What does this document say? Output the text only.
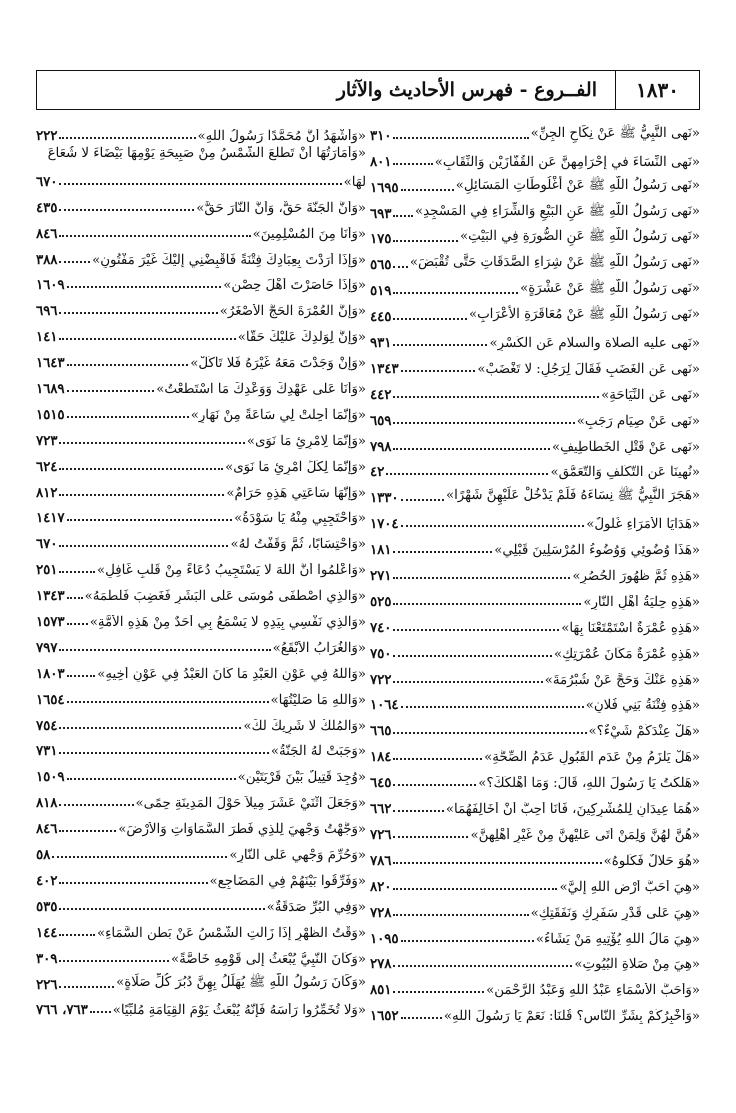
١٨٣٠
الفــروع - فهرس الأحاديث والآثار
«نَهى النَّبِيُّ ﷺ عَنْ نِكَاحِ الجِنِّ»
٣١٠
«نَهى النِّسَاءَ في إِحْرَامِهِنَّ عَنِ القُفَّازَيْنِ وَالنِّقَابِ»
٨٠١
«نَهى رَسُولُ اللَّهِ ﷺ عَنْ أُغْلُوطَاتِ المَسَائِلِ»
١٦٩٥
«نَهى رَسُولُ اللَّهِ ﷺ عَنِ البَيْعِ وَالشِّرَاءِ فِي المَسْجِدِ»
٦٩٣
«نَهى رَسُولُ اللَّهِ ﷺ عَنِ الصُّورَةِ فِي البَيْتِ»
١٧٥
«نَهى رَسُولُ اللَّهِ ﷺ عَنْ شِرَاءِ الصَّدَقَاتِ حَتَّى تُقْبَضَ»
٥٦٥
«نَهى رَسُولُ اللَّهِ ﷺ عَنْ عَشْرَةٍ»
٥١٩
«نَهى رَسُولُ اللَّهِ ﷺ عَنْ مُعَاقَرَةِ الأَعْرَابِ»
٤٤٥
«نَهى عليه الصلاة والسلام عَنِ الكَسْرِ»
٩٣١
«نَهى عَنِ الغَضَبِ فَقَالَ لِرَجُلٍ: لا تَغْضَبْ»
١٣٤٣
«نَهى عَنِ النِّيَاحَةِ»
٤٤٢
«نَهى عَنْ صِيَامِ رَجَبٍ»
٦٥٩
«نَهى عَنْ قَتْلِ الخَطَاطِيفِ»
٧٩٨
«نُهِينَا عَنِ التَّكَلُّفِ وَالتَّعَمُّقِ»
٤٢
«هَجَرَ النَّبِيُّ ﷺ نِسَاءَهُ فَلَمْ يَدْخُلْ عَلَيْهِنَّ شَهْرًا»
١٣٣٠
«هَدَايَا الأُمَرَاءِ غُلُولٌ»
١٧٠٤
«هَذَا وُضُوئِي وَوُضُوءُ المُرْسَلِينَ قَبْلِي»
١٨١
«هَذِهِ ثُمَّ ظُهُورَ الحُصُرِ»
٢٧١
«هَذِهِ حِلْيَةُ أَهْلِ النَّارِ»
٥٢٥
«هَذِهِ عُمْرَةٌ اسْتَمْتَعْنَا بِهَا»
٧٤٠
«هَذِهِ عُمْرَةٌ مَكَانَ عُمْرَتِكِ»
٧٥٠
«هَذِهِ عَنْكَ وَحَجٍّ عَنْ شُبْرُمَةَ»
٧٢٢
«هَذِهِ فِتْنَةُ بَنِي فُلَانٍ»
١٠٦٤
«هَلْ عِنْدَكُمْ شَيْءٌ؟»
٦٦٥
«هَلْ يَلْزَمُ مِنْ عَدَمِ القَبُولِ عَدَمُ الصِّحَّةِ»
١٨٤
«هَلَكْتُ يَا رَسُولَ اللَّهِ، قَالَ: وَمَا أَهْلَكَكَ؟»
٦٤٥
«هُمَا عِيدَانِ لِلْمُشْرِكِينَ، فَأَنَا أُحِبُّ أَنْ أُخَالِفَهُمَا»
٦٦٢
«هُنَّ لَهُنَّ وَلِمَنْ أَتَى عَلَيْهِنَّ مِنْ غَيْرِ أَهْلِهِنَّ»
٧٢٦
«هُوَ حَلَالٌ فَكُلُوهُ»
٧٨٦
«هِيَ أَحَبُّ أَرْضِ اللَّهِ إِلَيَّ»
٨٢٠
«هِيَ عَلَى قَدْرِ سَفَرِكِ وَنَفَقَتِكِ»
٧٢٨
«هِيَ مَالُ اللَّهِ يُؤْتِيهِ مَنْ يَشَاءُ»
١٠٩٥
«هِيَ مِنْ صَلَاةِ البُيُوتِ»
٢٧٨
«وَأَحَبُّ الأَسْمَاءِ عَبْدُ اللَّهِ وَعَبْدُ الرَّحْمَنِ»
٨٥١
«وَأُخْبِرُكُمْ بِشَرِّ النَّاسِ؟ قُلْنَا: نَعَمْ يَا رَسُولَ اللَّهِ»
١٦٥٢
«وَأَشْهَدُ أَنَّ مُحَمَّدًا رَسُولُ اللَّهِ»
٢٢٢
«وَأَمَارَتُهَا أَنْ تَطْلُعَ الشَّمْسُ مِنْ صَبِيحَةِ يَوْمِهَا بَيْضَاءَ لا شُعَاعَ
لَهَا»
٦٧٠
«وَأَنَّ الجَنَّةَ حَقٌّ، وَأَنَّ النَّارَ حَقٌّ»
٤٣٥
«وَأَنَا مِنَ المُسْلِمِينَ»
٨٤٦
«وَإِذَا أَرَدْتَ بِعِبَادِكَ فِتْنَةً فَاقْبِضْنِي إِلَيْكَ غَيْرَ مَفْتُونٍ»
٣٨٨
«وَإِذَا حَاصَرْتَ أَهْلَ حِصْنٍ»
١٦٠٩
«وَإِنَّ العُمْرَةَ الحَجُّ الأَصْغَرُ»
٦٩٦
«وَإِنَّ لِوَلَدِكَ عَلَيْكَ حَقًّا»
١٤١
«وَإِنْ وَجَدْتَ مَعَهُ غَيْرَهُ فَلَا تَأْكُلْ»
١٦٤٣
«وَأَنَا عَلَى عَهْدِكَ وَوَعْدِكَ مَا اسْتَطَعْتُ»
١٦٨٩
«وَإِنَّمَا أُحِلَّتْ لِي سَاعَةً مِنْ نَهَارٍ»
١٥١٥
«وَإِنَّمَا لِامْرِئٍ مَا نَوَى»
٧٢٣
«وَإِنَّمَا لِكُلِّ امْرِئٍ مَا نَوَى»
٦٢٤
«وَإِنَّهَا سَاعَتِي هَذِهِ حَرَامٌ»
٨١٢
«وَاحْتَجِبِي مِنْهُ يَا سَوْدَةُ»
١٤١٧
«وَاحْتِسَابًا، ثُمَّ وَقَفْتُ لَهُ»
٦٧٠
«وَاعْلَمُوا أَنَّ اللَّهَ لا يَسْتَجِيبُ دُعَاءً مِنْ قَلْبٍ غَافِلٍ»
٢٥١
«وَالَّذِي اصْطَفَى مُوسَى عَلَى البَشَرِ فَغَضِبَ فَلَطَمَهُ»
١٣٤٣
«وَالَّذِي نَفْسِي بِيَدِهِ لا يَسْمَعُ بِي أَحَدٌ مِنْ هَذِهِ الأُمَّةِ»
١٥٧٣
«وَالغُرَابُ الأَبْقَعُ»
٧٩٧
«وَاللَّهُ فِي عَوْنِ العَبْدِ مَا كَانَ العَبْدُ فِي عَوْنِ أَخِيهِ»
١٨٠٣
«وَاللَّهِ مَا صَلَّيْتُهَا»
١٦٥٤
«وَالمُلْكُ لا شَرِيكَ لَكَ»
٧٥٤
«وَجَبَتْ لَهُ الجَنَّةُ»
٧٣١
«وُجِدَ قَتِيلٌ بَيْنَ قَرْيَتَيْنِ»
١٥٠٩
«وَجَعَلَ اثْنَيْ عَشَرَ مِيلاً حَوْلَ المَدِينَةِ حِمًى»
٨١٨
«وَجَّهْتُ وَجْهِيَ لِلَّذِي فَطَرَ السَّمَاوَاتِ وَالأَرْضَ»
٨٤٦
«وَحُرِّمَ وَجْهِي عَلَى النَّارِ»
٥٨
«وَفَرِّقُوا بَيْنَهُمْ فِي المَضَاجِعِ»
٤٠٢
«وَفِي البُرِّ صَدَقَةٌ»
٥٣٥
«وَقْتُ الظُّهْرِ إِذَا زَالَتِ الشَّمْسُ عَنْ بَطْنِ السَّمَاءِ»
١٤٤
«وَكَانَ النَّبِيُّ يُبْعَثُ إِلَى قَوْمِهِ خَاصَّةً»
٣٠٩
«وَكَانَ رَسُولُ اللَّهِ ﷺ يُهَلِّلُ بِهِنَّ دُبُرَ كُلِّ صَلَاةٍ»
٢٢٦
«وَلا تُخَمِّرُوا رَأْسَهُ فَإِنَّهُ يُبْعَثُ يَوْمَ القِيَامَةِ مُلَبِّيًا»
٧٦٣، ٧٦٦
